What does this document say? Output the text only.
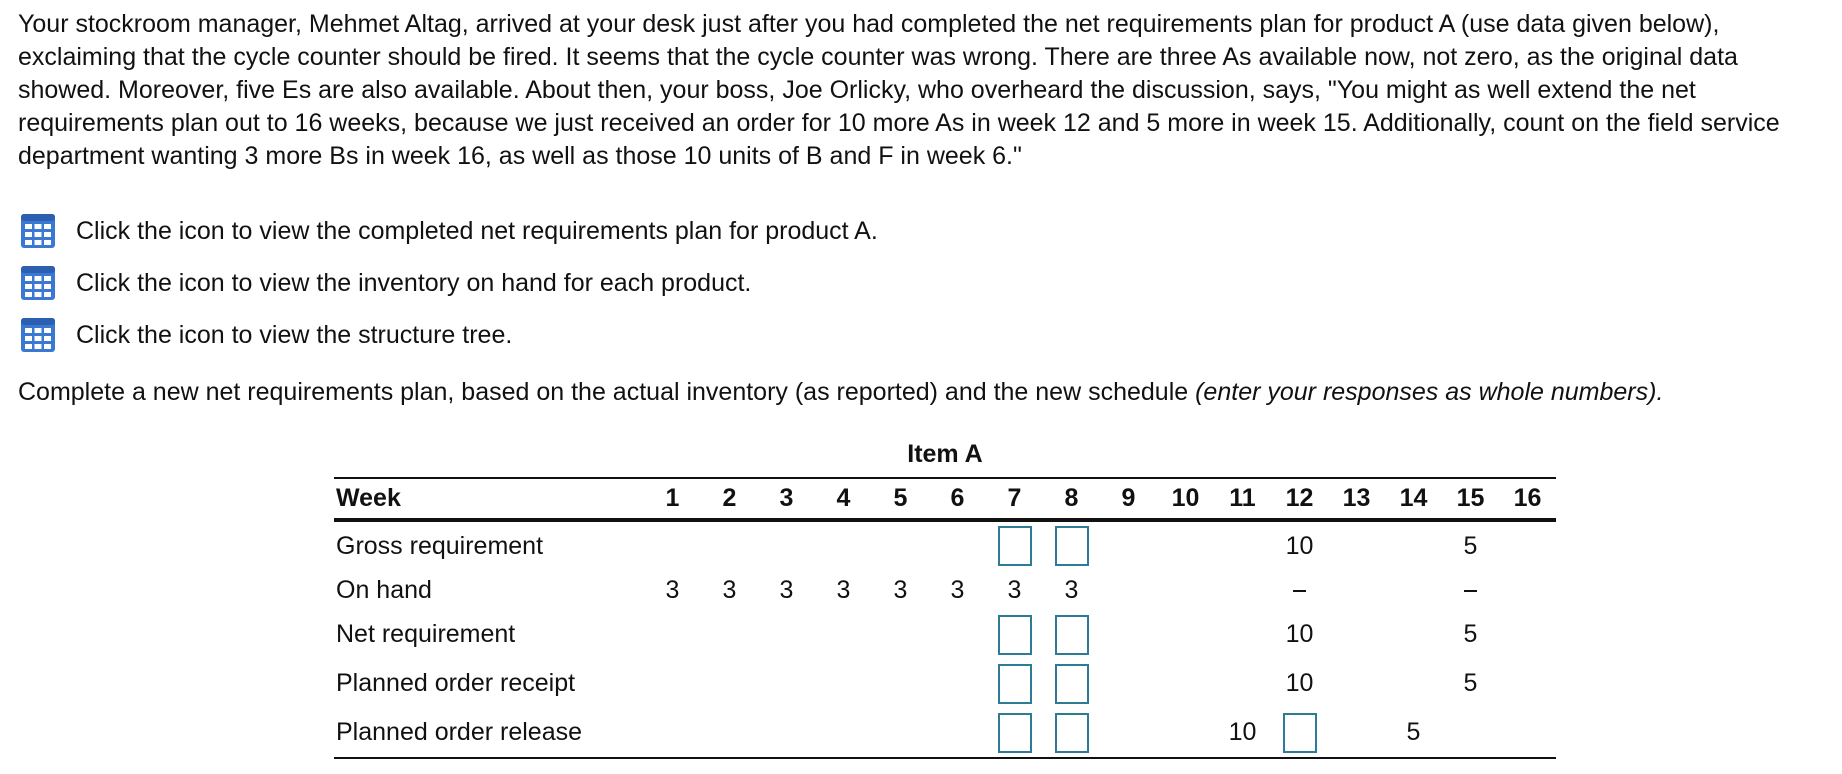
Your stockroom manager, Mehmet Altag, arrived at your desk just after you had completed the net requirements plan for product A (use data given below), exclaiming that the cycle counter should be fired. It seems that the cycle counter was wrong. There are three As available now, not zero, as the original data showed. Moreover, five Es are also available. About then, your boss, Joe Orlicky, who overheard the discussion, says, "You might as well extend the net requirements plan out to 16 weeks, because we just received an order for 10 more As in week 12 and 5 more in week 15. Additionally, count on the field service department wanting 3 more Bs in week 16, as well as those 10 units of B and F in week 6."

Click the icon to view the completed net requirements plan for product A.
Click the icon to view the inventory on hand for each product.
Click the icon to view the structure tree.

Complete a new net requirements plan, based on the actual inventory (as reported) and the new schedule (enter your responses as whole numbers).

Item A
Week	1	2	3	4	5	6	7	8	9	10	11	12	13	14	15	16
Gross requirement												10			5	
On hand	3	3	3	3	3	3	3	3								
Net requirement												10			5	
Planned order receipt												10			5	
Planned order release											10			5		
